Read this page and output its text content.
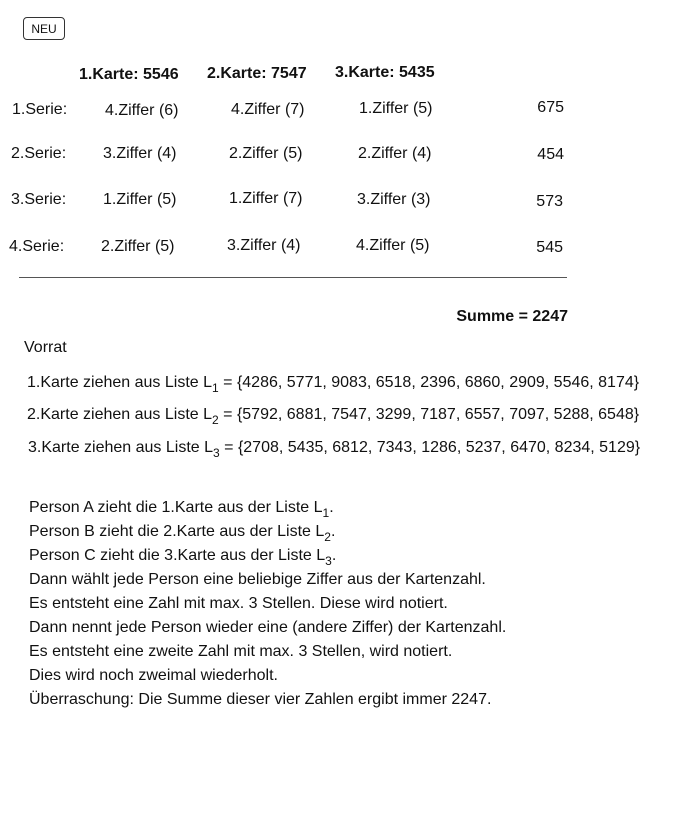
NEU
1.Karte: 5546 2.Karte: 7547 3.Karte: 5435
1.Serie: 4.Ziffer (6)	4.Ziffer (7)	1.Ziffer (5)	675
2.Serie: 3.Ziffer (4)	2.Ziffer (5)	2.Ziffer (4)	454
3.Serie: 1.Ziffer (5)	1.Ziffer (7)	3.Ziffer (3)	573
4.Serie: 2.Ziffer (5)	3.Ziffer (4)	4.Ziffer (5)	545
Summe = 2247
Vorrat
1.Karte ziehen aus Liste $L_1 = \{4286$, 5771, 9083, 6518, 2396, 6860, 2909, 5546, 8174}
2.Karte ziehen aus Liste $L_2 = \{5792$, 6881, 7547, 3299, 7187, 6557, 7097, 5288, 6548}
3.Karte ziehen aus Liste $L_3 = \{2708$, 5435, 6812, 7343, 1286, 5237, 6470, 8234, 5129}
Person A zieht die 1.Karte aus der Liste $L_1$.
Person B zieht die 2.Karte aus der Liste $L_2$.
Person C zieht die 3.Karte aus der Liste $L_3$.
Dann wählt jede Person eine beliebige Ziffer aus der Kartenzahl.
Es entsteht eine Zahl mit max. 3 Stellen. Diese wird notiert.
Dann nennt jede Person wieder eine (andere Ziffer) der Kartenzahl.
Es entsteht eine zweite Zahl mit max. 3 Stellen, wird notiert.
Dies wird noch zweimal wiederholt.
Überraschung: Die Summe dieser vier Zahlen ergibt immer 2247.
